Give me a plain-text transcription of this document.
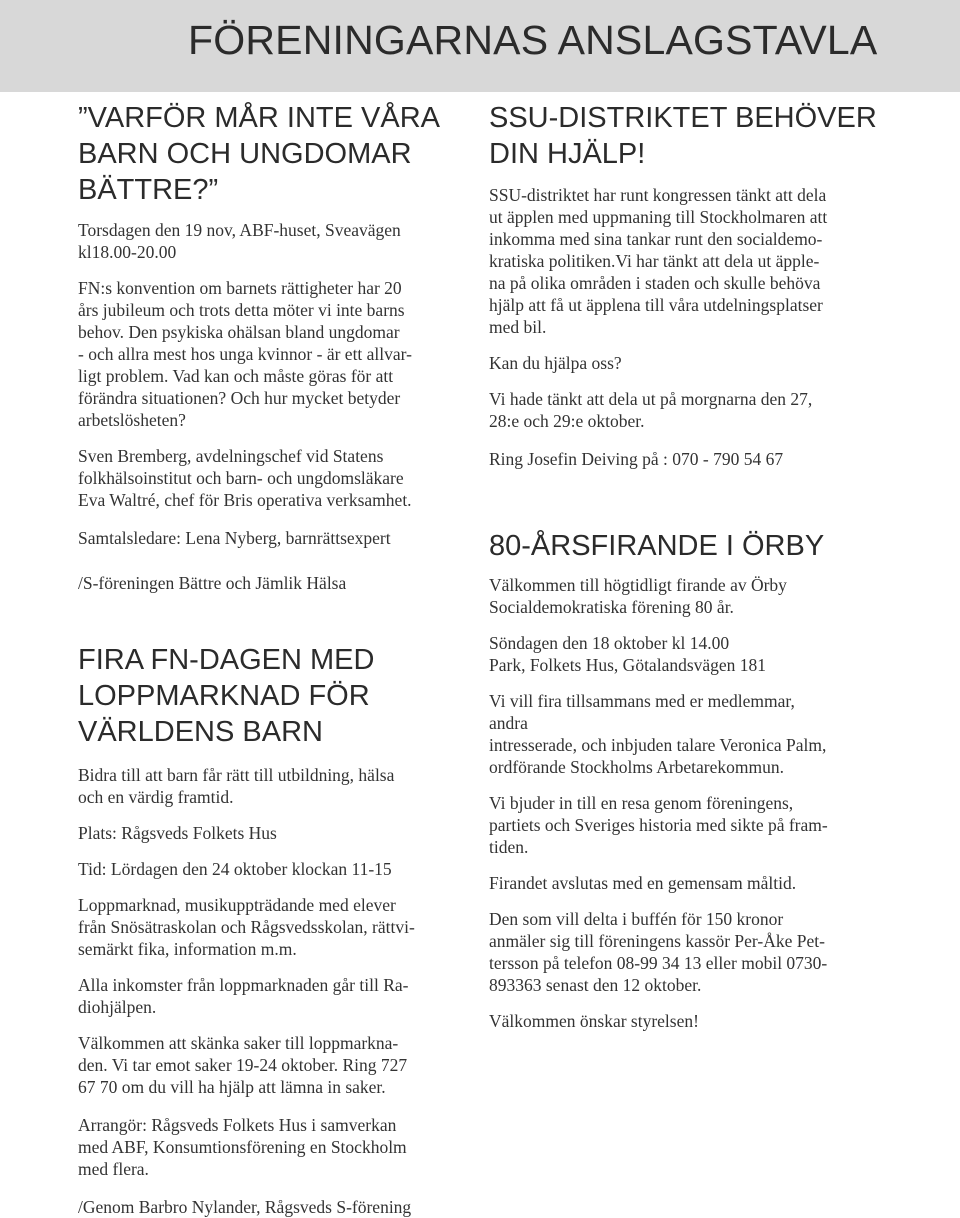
FÖRENINGARNAS ANSLAGSTAVLA
”VARFÖR MÅR INTE VÅRA
BARN OCH UNGDOMAR
BÄTTRE?”

Torsdagen den 19 nov, ABF-huset, Sveavägen
kl18.00-20.00

FN:s konvention om barnets rättigheter har 20
års jubileum och trots detta möter vi inte barns
behov. Den psykiska ohälsan bland ungdomar
- och allra mest hos unga kvinnor - är ett allvar-
ligt problem. Vad kan och måste göras för att
förändra situationen? Och hur mycket betyder
arbetslösheten?

Sven Bremberg, avdelningschef vid Statens
folkhälsoinstitut och barn- och ungdomsläkare
Eva Waltré, chef för Bris operativa verksamhet.

Samtalsledare: Lena Nyberg, barnrättsexpert

/S-föreningen Bättre och Jämlik Hälsa

FIRA FN-DAGEN MED
LOPPMARKNAD FÖR
VÄRLDENS BARN

Bidra till att barn får rätt till utbildning, hälsa
och en värdig framtid.

Plats: Rågsveds Folkets Hus

Tid: Lördagen den 24 oktober klockan 11-15

Loppmarknad, musikuppträdande med elever
från Snösätraskolan och Rågsvedsskolan, rättvi-
semärkt fika, information m.m.

Alla inkomster från loppmarknaden går till Ra-
diohjälpen.

Välkommen att skänka saker till loppmarkna-
den. Vi tar emot saker 19-24 oktober. Ring 727
67 70 om du vill ha hjälp att lämna in saker.

Arrangör: Rågsveds Folkets Hus i samverkan
med ABF, Konsumtionsförening en Stockholm
med flera.

/Genom Barbro Nylander, Rågsveds S-förening

SSU-DISTRIKTET BEHÖVER
DIN HJÄLP!

SSU-distriktet har runt kongressen tänkt att dela
ut äpplen med uppmaning till Stockholmaren att
inkomma med sina tankar runt den socialdemo-
kratiska politiken.Vi har tänkt att dela ut äpple-
na på olika områden i staden och skulle behöva
hjälp att få ut äpplena till våra utdelningsplatser
med bil.

Kan du hjälpa oss?

Vi hade tänkt att dela ut på morgnarna den 27,
28:e och 29:e oktober.

Ring Josefin Deiving på : 070 - 790 54 67

80-ÅRSFIRANDE I ÖRBY

Välkommen till högtidligt firande av Örby
Socialdemokratiska förening 80 år.

Söndagen den 18 oktober kl 14.00
Park, Folkets Hus, Götalandsvägen 181

Vi vill fira tillsammans med er medlemmar,
andra
intresserade, och inbjuden talare Veronica Palm,
ordförande Stockholms Arbetarekommun.

Vi bjuder in till en resa genom föreningens,
partiets och Sveriges historia med sikte på fram-
tiden.

Firandet avslutas med en gemensam måltid.

Den som vill delta i buffén för 150 kronor
anmäler sig till föreningens kassör Per-Åke Pet-
tersson på telefon 08-99 34 13 eller mobil 0730-
893363 senast den 12 oktober.

Välkommen önskar styrelsen!
